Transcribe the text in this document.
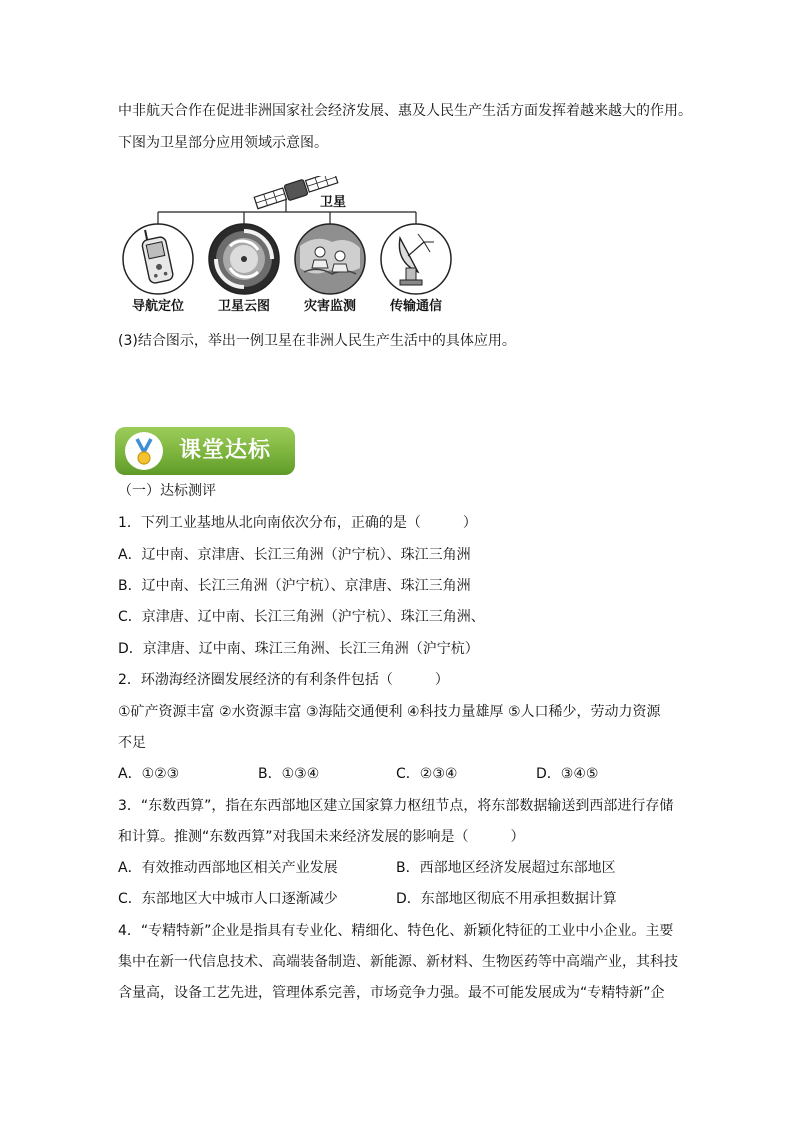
中非航天合作在促进非洲国家社会经济发展、惠及人民生产生活方面发挥着越来越大的作用。
下图为卫星部分应用领域示意图。
卫星
导航定位	卫星云图	灾害监测	传输通信
(3)结合图示，举出一例卫星在非洲人民生产生活中的具体应用。
课堂达标
（一）达标测评
1．下列工业基地从北向南依次分布，正确的是（　　　）
A．辽中南、京津唐、长江三角洲（沪宁杭）、珠江三角洲
B．辽中南、长江三角洲（沪宁杭）、京津唐、珠江三角洲
C．京津唐、辽中南、长江三角洲（沪宁杭）、珠江三角洲、
D．京津唐、辽中南、珠江三角洲、长江三角洲（沪宁杭）
2．环渤海经济圈发展经济的有利条件包括（　　　）
①矿产资源丰富 ②水资源丰富 ③海陆交通便利 ④科技力量雄厚 ⑤人口稀少，劳动力资源
不足
A．①②③	B．①③④	C．②③④	D．③④⑤
3．“东数西算”，指在东西部地区建立国家算力枢纽节点，将东部数据输送到西部进行存储
和计算。推测“东数西算”对我国未来经济发展的影响是（　　　）
A．有效推动西部地区相关产业发展	B．西部地区经济发展超过东部地区
C．东部地区大中城市人口逐渐减少	D．东部地区彻底不用承担数据计算
4．“专精特新”企业是指具有专业化、精细化、特色化、新颖化特征的工业中小企业。主要
集中在新一代信息技术、高端装备制造、新能源、新材料、生物医药等中高端产业，其科技
含量高，设备工艺先进，管理体系完善，市场竞争力强。最不可能发展成为“专精特新”企
